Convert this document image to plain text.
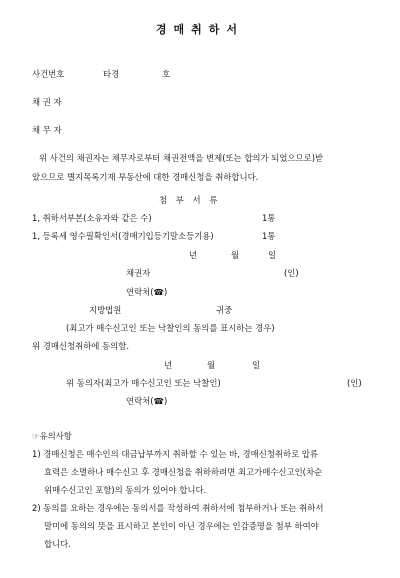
경매취하서
사건번호	타경	호
채 권 자
채 무 자
위 사건의 채권자는 채무자로부터 채권전액을 변제(또는 합의가 되었으므로)받
았으므로 별지목록기재 부동산에 대한 경매신청을 취하합니다.
첨 부 서 류
1, 취하서부본(소유자와 같은 수)	1통
1, 등록세 영수필확인서(경매기입등기말소등기용)	1통
년	월	일
채권자	(인)
연락처(☎)
지방법원	귀중
(최고가 매수신고인 또는 낙찰인의 동의를 표시하는 경우)
위 경매신청취하에 동의함.
년	월	일
위 동의자(최고가 매수신고인 또는 낙찰인)	(인)
연락처(☎)
☞유의사항
1) 경매신청은 매수인의 대금납부까지 취하할 수 있는 바, 경매신청취하로 압류
효력은 소멸하나 매수신고 후 경매신청을 취하하려면 최고가매수신고인(차순
위매수신고인 포함)의 동의가 있어야 합니다.
2) 동의를 요하는 경우에는 동의서를 작성하여 취하서에 첨부하거나 또는 취하서
말미에 동의의 뜻을 표시하고 본인이 아닌 경우에는 인감증명을 첨부 하여야
합니다.
